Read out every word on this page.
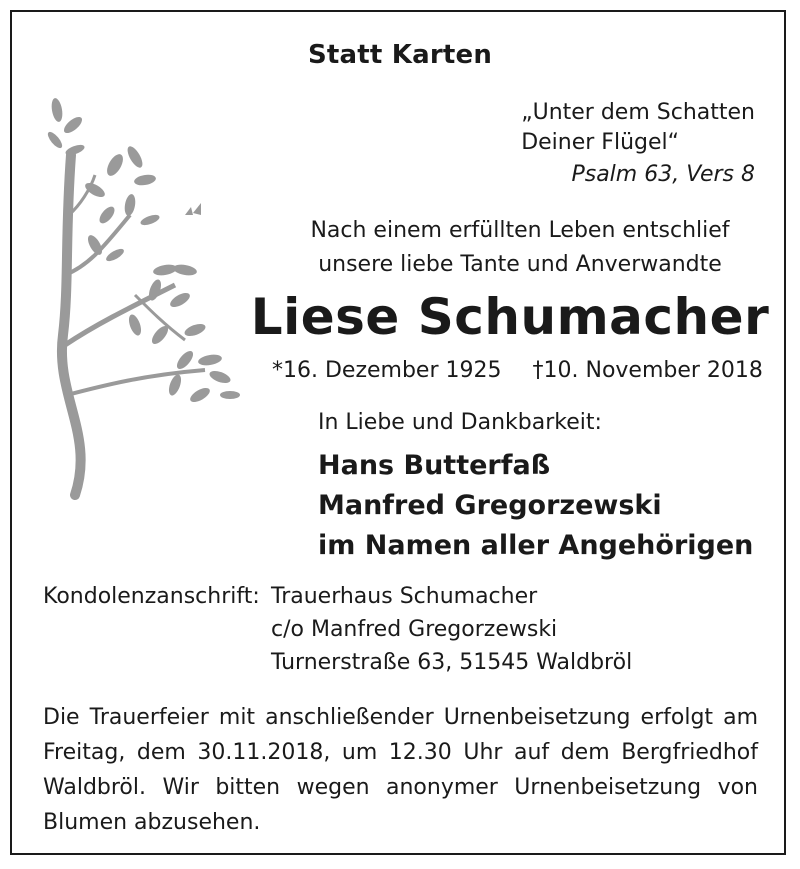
Statt Karten
„Unter dem Schatten
Deiner Flügel“
Psalm 63, Vers 8
Nach einem erfüllten Leben entschlief
unsere liebe Tante und Anverwandte
Liese Schumacher
*16. Dezember 1925 †10. November 2018
In Liebe und Dankbarkeit:
Hans Butterfaß
Manfred Gregorzewski
im Namen aller Angehörigen
Kondolenzanschrift: Trauerhaus Schumacher
c/o Manfred Gregorzewski
Turnerstraße 63, 51545 Waldbröl
Die Trauerfeier mit anschließender Urnenbeisetzung erfolgt am Freitag, dem 30.11.2018, um 12.30 Uhr auf dem Bergfriedhof Waldbröl. Wir bitten wegen anonymer Urnenbeisetzung von Blumen abzusehen.
